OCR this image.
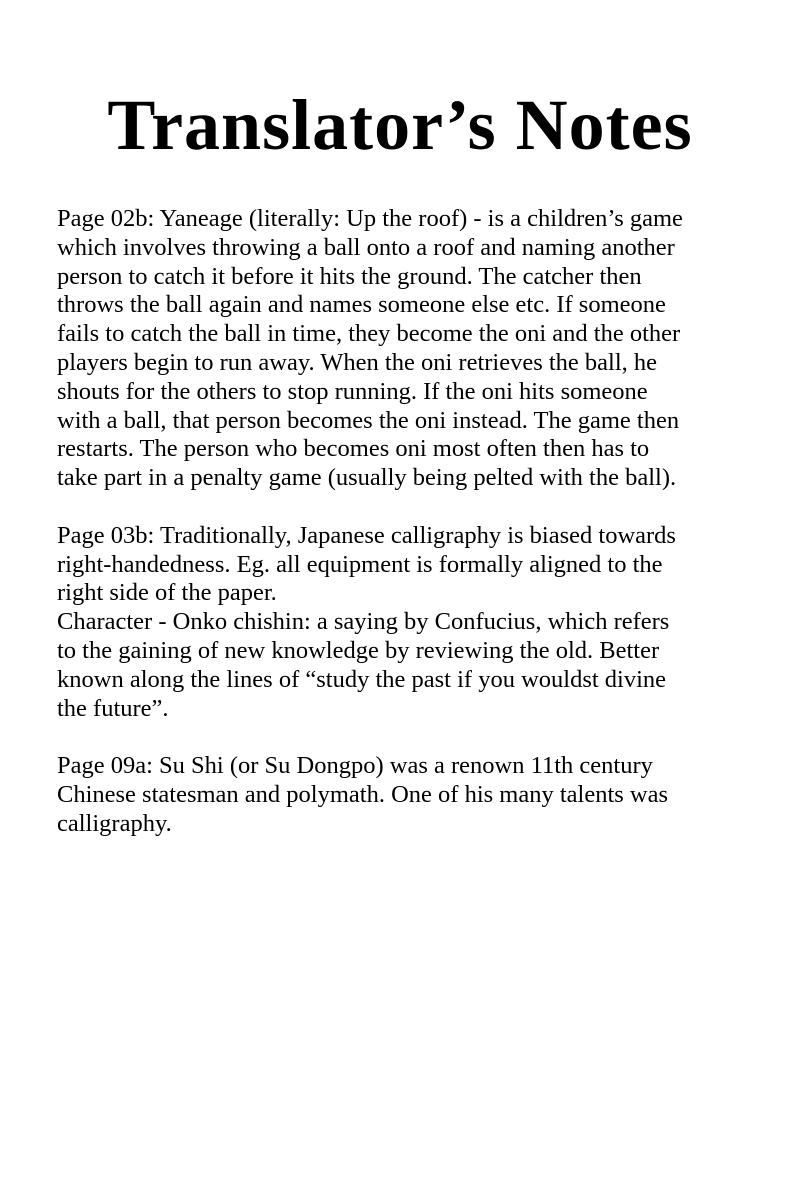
Translator’s Notes
Page 02b: Yaneage (literally: Up the roof) - is a children’s game
which involves throwing a ball onto a roof and naming another
person to catch it before it hits the ground. The catcher then
throws the ball again and names someone else etc. If someone
fails to catch the ball in time, they become the oni and the other
players begin to run away. When the oni retrieves the ball, he
shouts for the others to stop running. If the oni hits someone
with a ball, that person becomes the oni instead. The game then
restarts. The person who becomes oni most often then has to
take part in a penalty game (usually being pelted with the ball).
Page 03b: Traditionally, Japanese calligraphy is biased towards
right-handedness. Eg. all equipment is formally aligned to the
right side of the paper.
Character - Onko chishin: a saying by Confucius, which refers
to the gaining of new knowledge by reviewing the old. Better
known along the lines of “study the past if you wouldst divine
the future”.
Page 09a: Su Shi (or Su Dongpo) was a renown 11th century
Chinese statesman and polymath. One of his many talents was
calligraphy.
